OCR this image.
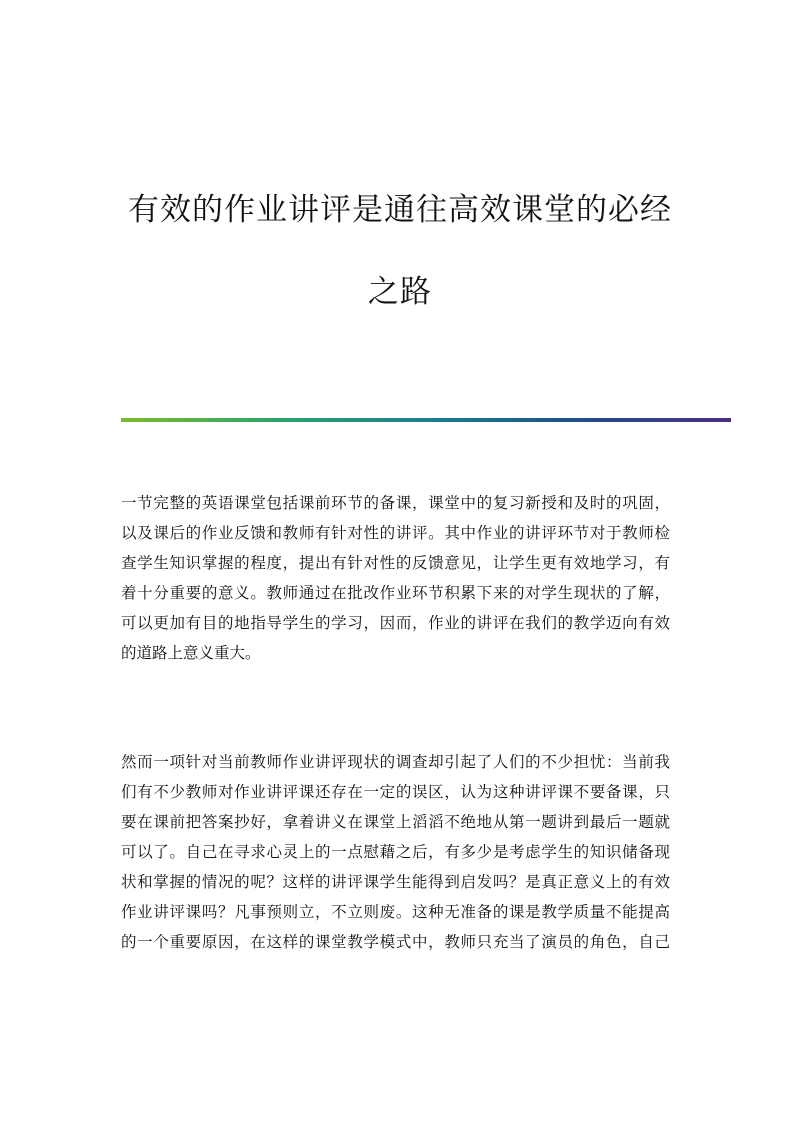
有效的作业讲评是通往高效课堂的必经
之路
一节完整的英语课堂包括课前环节的备课，课堂中的复习新授和及时的巩固，
以及课后的作业反馈和教师有针对性的讲评。其中作业的讲评环节对于教师检
查学生知识掌握的程度，提出有针对性的反馈意见，让学生更有效地学习，有
着十分重要的意义。教师通过在批改作业环节积累下来的对学生现状的了解，
可以更加有目的地指导学生的学习，因而，作业的讲评在我们的教学迈向有效
的道路上意义重大。
然而一项针对当前教师作业讲评现状的调查却引起了人们的不少担忧：当前我
们有不少教师对作业讲评课还存在一定的误区，认为这种讲评课不要备课，只
要在课前把答案抄好，拿着讲义在课堂上滔滔不绝地从第一题讲到最后一题就
可以了。自己在寻求心灵上的一点慰藉之后，有多少是考虑学生的知识储备现
状和掌握的情况的呢？这样的讲评课学生能得到启发吗？是真正意义上的有效
作业讲评课吗？凡事预则立，不立则废。这种无准备的课是教学质量不能提高
的一个重要原因，在这样的课堂教学模式中，教师只充当了演员的角色，自己
